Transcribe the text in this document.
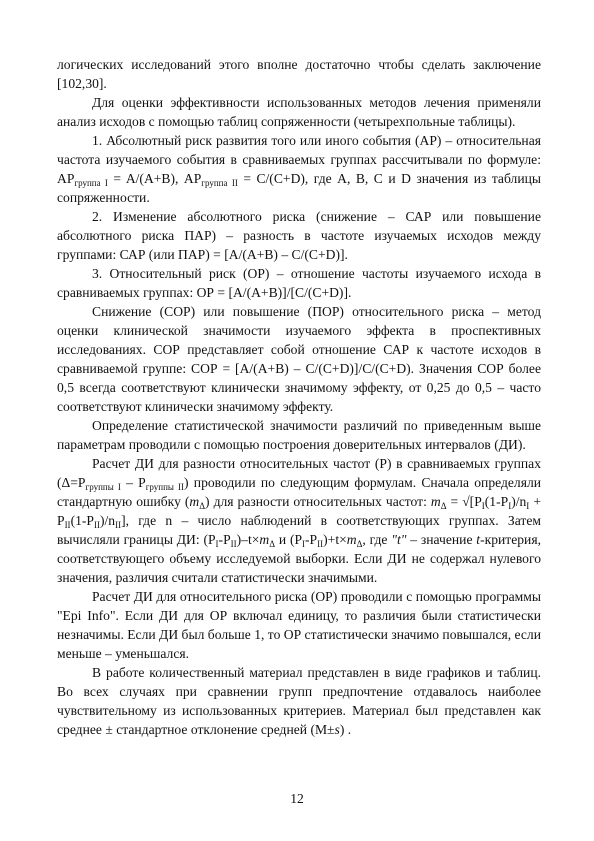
логических исследований этого вполне достаточно чтобы сделать заключение [102,30].

Для оценки эффективности использованных методов лечения применяли анализ исходов с помощью таблиц сопряженности (четырехпольные таблицы).

1. Абсолютный риск развития того или иного события (АР) – относительная частота изучаемого события в сравниваемых группах рассчитывали по формуле: $АР_{группа I} = A/(A+B)$, $АР_{группа II} = С/(С+D)$, где А, В, С и D значения из таблицы сопряженности.

2. Изменение абсолютного риска (снижение – САР или повышение абсолютного риска ПАР) – разность в частоте изучаемых исходов между группами: САР (или ПАР) = [A/(A+B) – C/(C+D)].

3. Относительный риск (ОР) – отношение частоты изучаемого исхода в сравниваемых группах: ОР = [A/(A+B)]/[C/(C+D)].

Снижение (СОР) или повышение (ПОР) относительного риска – метод оценки клинической значимости изучаемого эффекта в проспективных исследованиях. СОР представляет собой отношение САР к частоте исходов в сравниваемой группе: СОР = [A/(A+B) – C/(C+D)]/C/(C+D). Значения СОР более 0,5 всегда соответствуют клинически значимому эффекту, от 0,25 до 0,5 – часто соответствуют клинически значимому эффекту.

Определение статистической значимости различий по приведенным выше параметрам проводили с помощью построения доверительных интервалов (ДИ).

Расчет ДИ для разности относительных частот (Р) в сравниваемых группах $(\Delta=Р_{группы I} - Р_{группы II})$ проводили по следующим формулам. Сначала определяли стандартную ошибку $(m_\Delta)$ для разности относительных частот: $m_\Delta = √[Р_I(1-Р_I)/n_I + Р_{II}(1-Р_{II})/n_{II}]$, где n – число наблюдений в соответствующих группах. Затем вычисляли границы ДИ: $(Р_I-Р_{II})-t\times m_\Delta$ и $(Р_I-Р_{II})+t\times m_\Delta$, где "t" – значение t-критерия, соответствующего объему исследуемой выборки. Если ДИ не содержал нулевого значения, различия считали статистически значимыми.

Расчет ДИ для относительного риска (ОР) проводили с помощью программы "Epi Info". Если ДИ для ОР включал единицу, то различия были статистически незначимы. Если ДИ был больше 1, то ОР статистически значимо повышался, если меньше – уменьшался.

В работе количественный материал представлен в виде графиков и таблиц. Во всех случаях при сравнении групп предпочтение отдавалось наиболее чувствительному из использованных критериев. Материал был представлен как среднее ± стандартное отклонение средней (М±s) .

12
